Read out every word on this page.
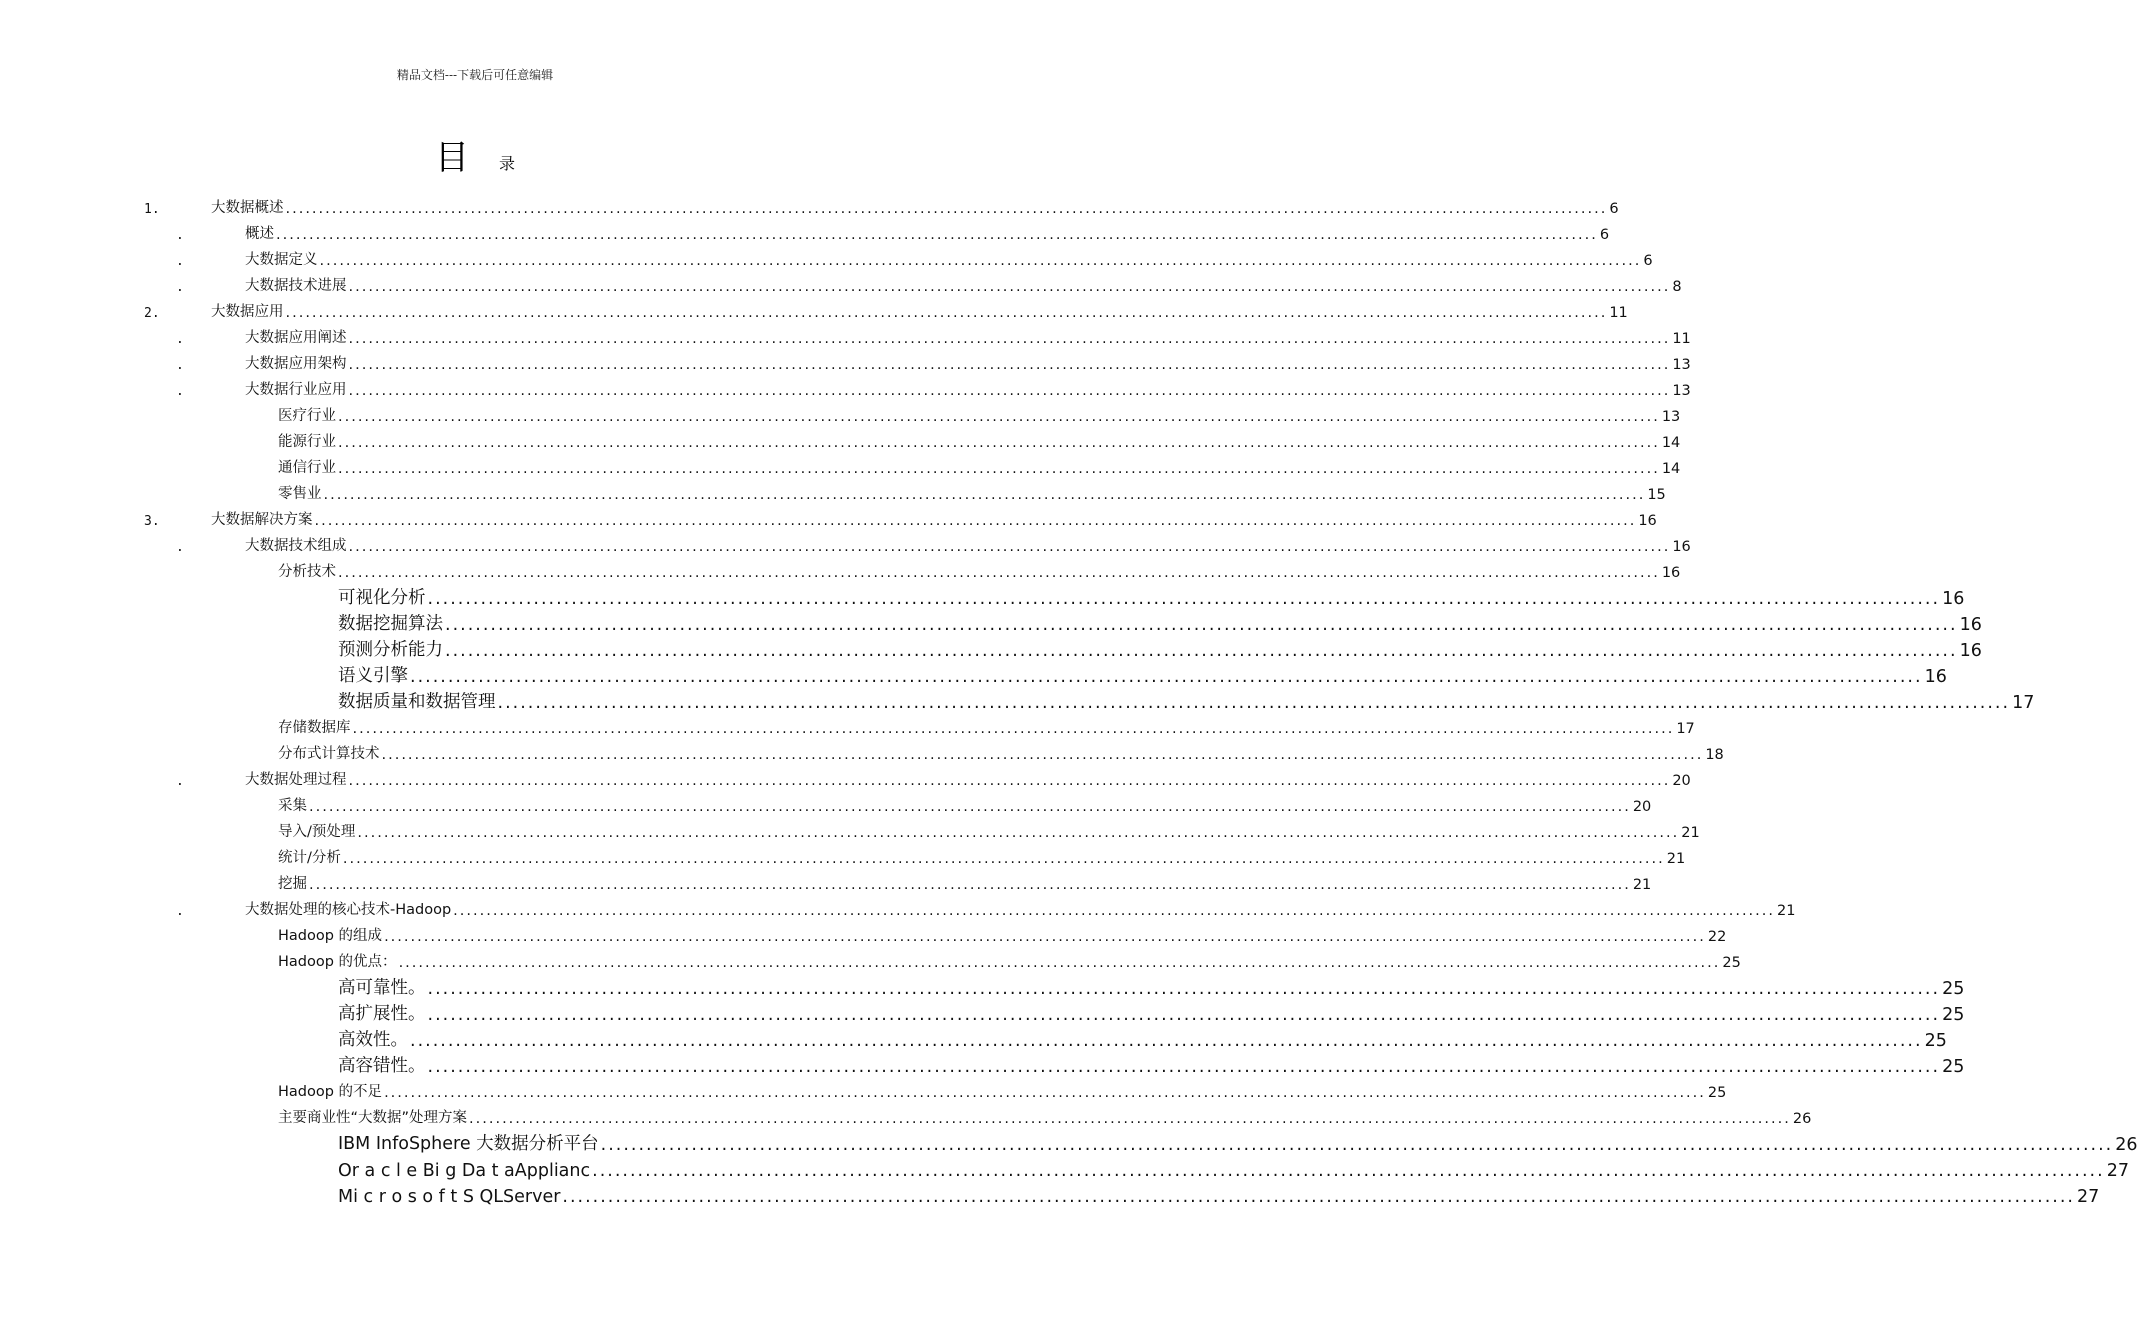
精品文档---下载后可任意编辑
目 录
1.	大数据概述 ........................................................................................................................................................................................................ 6
.	概述 ........................................................................................................................................................................................................ 6
.	大数据定义 ........................................................................................................................................................................................................ 6
.	大数据技术进展 ........................................................................................................................................................................................................ 8
2.	大数据应用 ........................................................................................................................................................................................................ 11
.	大数据应用阐述 ........................................................................................................................................................................................................ 11
.	大数据应用架构 ........................................................................................................................................................................................................ 13
.	大数据行业应用 ........................................................................................................................................................................................................ 13
医疗行业 ........................................................................................................................................................................................................ 13
能源行业 ........................................................................................................................................................................................................ 14
通信行业 ........................................................................................................................................................................................................ 14
零售业 ........................................................................................................................................................................................................ 15
3.	大数据解决方案 ........................................................................................................................................................................................................ 16
.	大数据技术组成 ........................................................................................................................................................................................................ 16
分析技术 ........................................................................................................................................................................................................ 16
可视化分析 ........................................................................................................................................................................................................ 16
数据挖掘算法 ........................................................................................................................................................................................................ 16
预测分析能力 ........................................................................................................................................................................................................ 16
语义引擎 ........................................................................................................................................................................................................ 16
数据质量和数据管理 ........................................................................................................................................................................................................ 17
存储数据库 ........................................................................................................................................................................................................ 17
分布式计算技术 ........................................................................................................................................................................................................ 18
.	大数据处理过程 ........................................................................................................................................................................................................ 20
采集 ........................................................................................................................................................................................................ 20
导入/预处理 ........................................................................................................................................................................................................ 21
统计/分析 ........................................................................................................................................................................................................ 21
挖掘 ........................................................................................................................................................................................................ 21
.	大数据处理的核心技术-Hadoop ........................................................................................................................................................................................................ 21
Hadoop 的组成 ........................................................................................................................................................................................................ 22
Hadoop 的优点： ........................................................................................................................................................................................................ 25
高可靠性。 ........................................................................................................................................................................................................ 25
高扩展性。 ........................................................................................................................................................................................................ 25
高效性。 ........................................................................................................................................................................................................ 25
高容错性。 ........................................................................................................................................................................................................ 25
Hadoop 的不足 ........................................................................................................................................................................................................ 25
主要商业性“大数据”处理方案 ........................................................................................................................................................................................................ 26
IBM InfoSphere 大数据分析平台 ........................................................................................................................................................................................................ 26
Or a c l e Bi g Da t aApplianc ........................................................................................................................................................................................................ 27
Mi c r o s o f t S QLServer ........................................................................................................................................................................................................ 27
